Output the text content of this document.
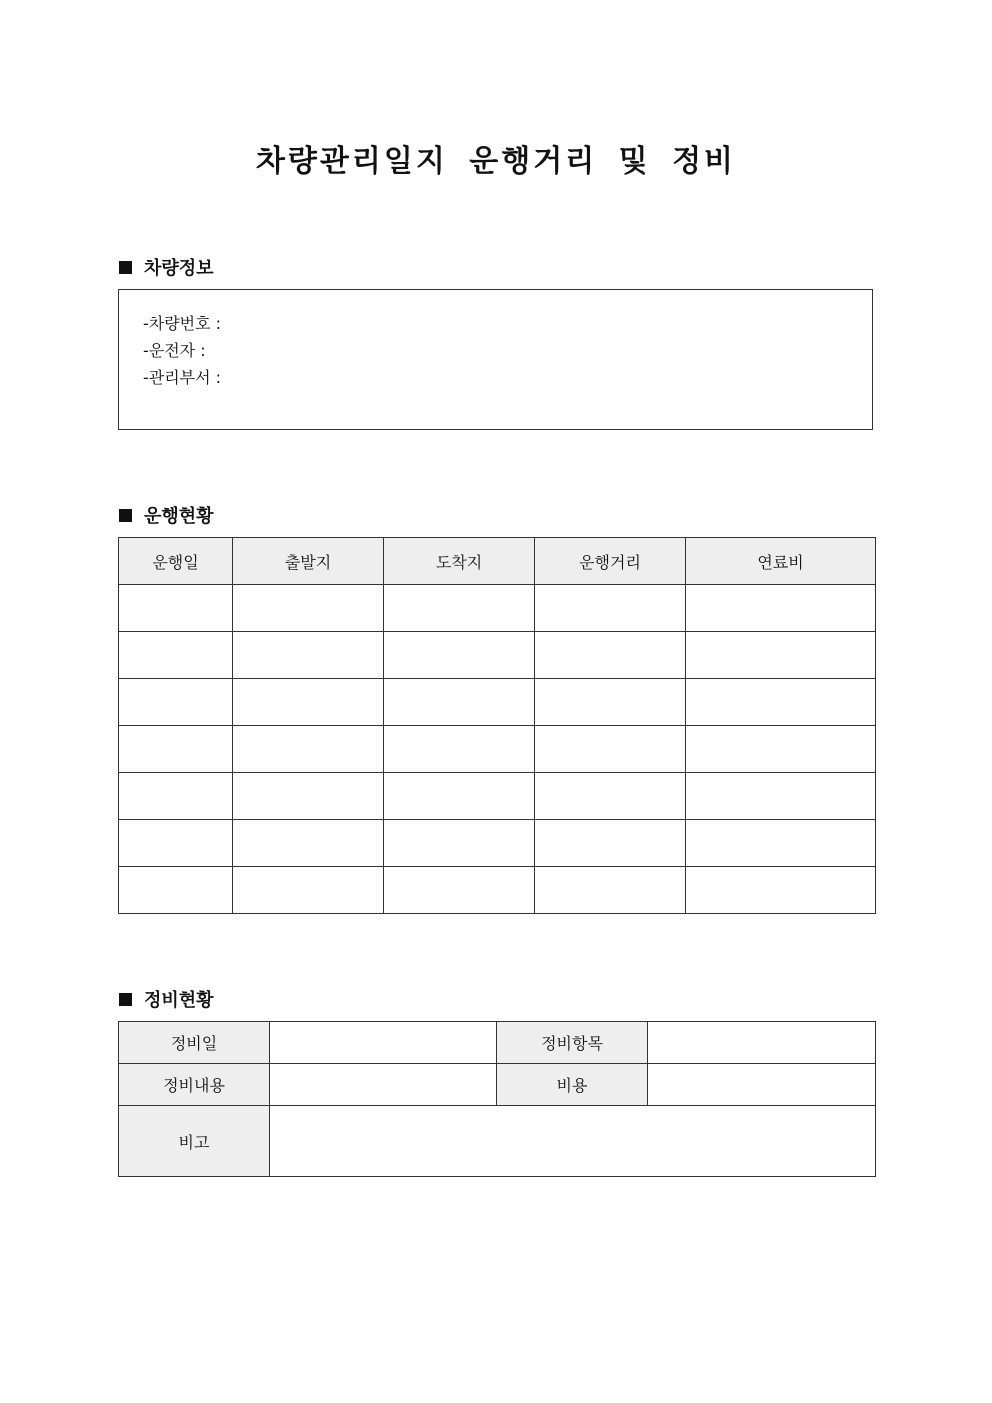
차량관리일지 운행거리 및 정비
차량정보
-차량번호 :
-운전자 :
-관리부서 :
운행현황
운행일	출발지	도착지	운행거리	연료비

정비현황
정비일		정비항목	
정비내용		비용	
비고			
